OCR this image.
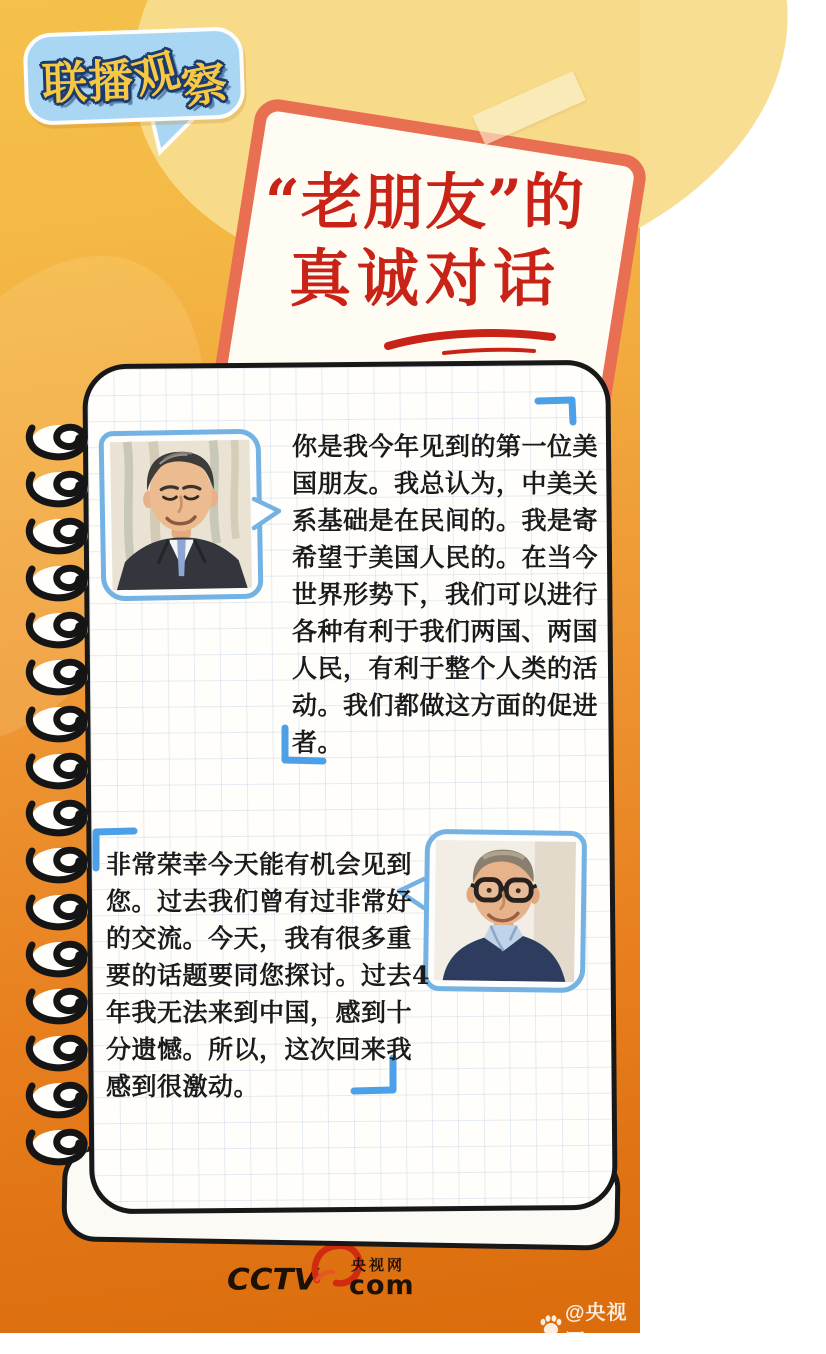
联播观察
“老朋友”的
真诚对话
你是我今年见到的第一位美
国朋友。我总认为，中美关
系基础是在民间的。我是寄
希望于美国人民的。在当今
世界形势下，我们可以进行
各种有利于我们两国、两国
人民，有利于整个人类的活
动。我们都做这方面的促进
者。
非常荣幸今天能有机会见到
您。过去我们曾有过非常好
的交流。今天，我有很多重
要的话题要同您探讨。过去4
年我无法来到中国，感到十
分遗憾。所以，这次回来我
感到很激动。
CCTV 央视网
com
@央视网
